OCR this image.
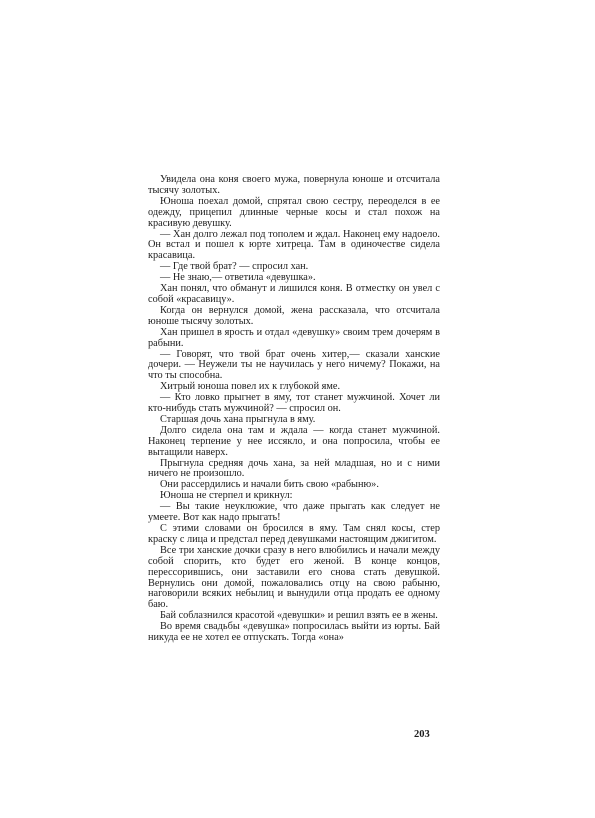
Увидела она коня своего мужа, повернула юноше и отсчитала тысячу золотых.

Юноша поехал домой, спрятал свою сестру, переоделся в ее одежду, прицепил длинные черные косы и стал похож на красивую девушку.

— Хан долго лежал под тополем и ждал. Наконец ему надоело. Он встал и пошел к юрте хитреца. Там в одиночестве сидела красавица.

— Где твой брат? — спросил хан.

— Не знаю,— ответила «девушка».

Хан понял, что обманут и лишился коня. В отместку он увел с собой «красавицу».

Когда он вернулся домой, жена рассказала, что отсчитала юноше тысячу золотых.

Хан пришел в ярость и отдал «девушку» своим трем дочерям в рабыни.

— Говорят, что твой брат очень хитер,— сказали ханские дочери. — Неужели ты не научилась у него ничему? Покажи, на что ты способна.

Хитрый юноша повел их к глубокой яме.

— Кто ловко прыгнет в яму, тот станет мужчиной. Хочет ли кто-нибудь стать мужчиной? — спросил он.

Старшая дочь хана прыгнула в яму.

Долго сидела она там и ждала — когда станет мужчиной. Наконец терпение у нее иссякло, и она попросила, чтобы ее вытащили наверх.

Прыгнула средняя дочь хана, за ней младшая, но и с ними ничего не произошло.

Они рассердились и начали бить свою «рабыню».

Юноша не стерпел и крикнул:

— Вы такие неуклюжие, что даже прыгать как следует не умеете. Вот как надо прыгать!

С этими словами он бросился в яму. Там снял косы, стер краску с лица и предстал перед девушками настоящим джигитом.

Все три ханские дочки сразу в него влюбились и начали между собой спорить, кто будет его женой. В конце концов, перессорившись, они заставили его снова стать девушкой. Вернулись они домой, пожаловались отцу на свою рабыню, наговорили всяких небылиц и вынудили отца продать ее одному баю.

Бай соблазнился красотой «девушки» и решил взять ее в жены.

Во время свадьбы «девушка» попросилась выйти из юрты. Бай никуда ее не хотел ее отпускать. Тогда «она»

203
